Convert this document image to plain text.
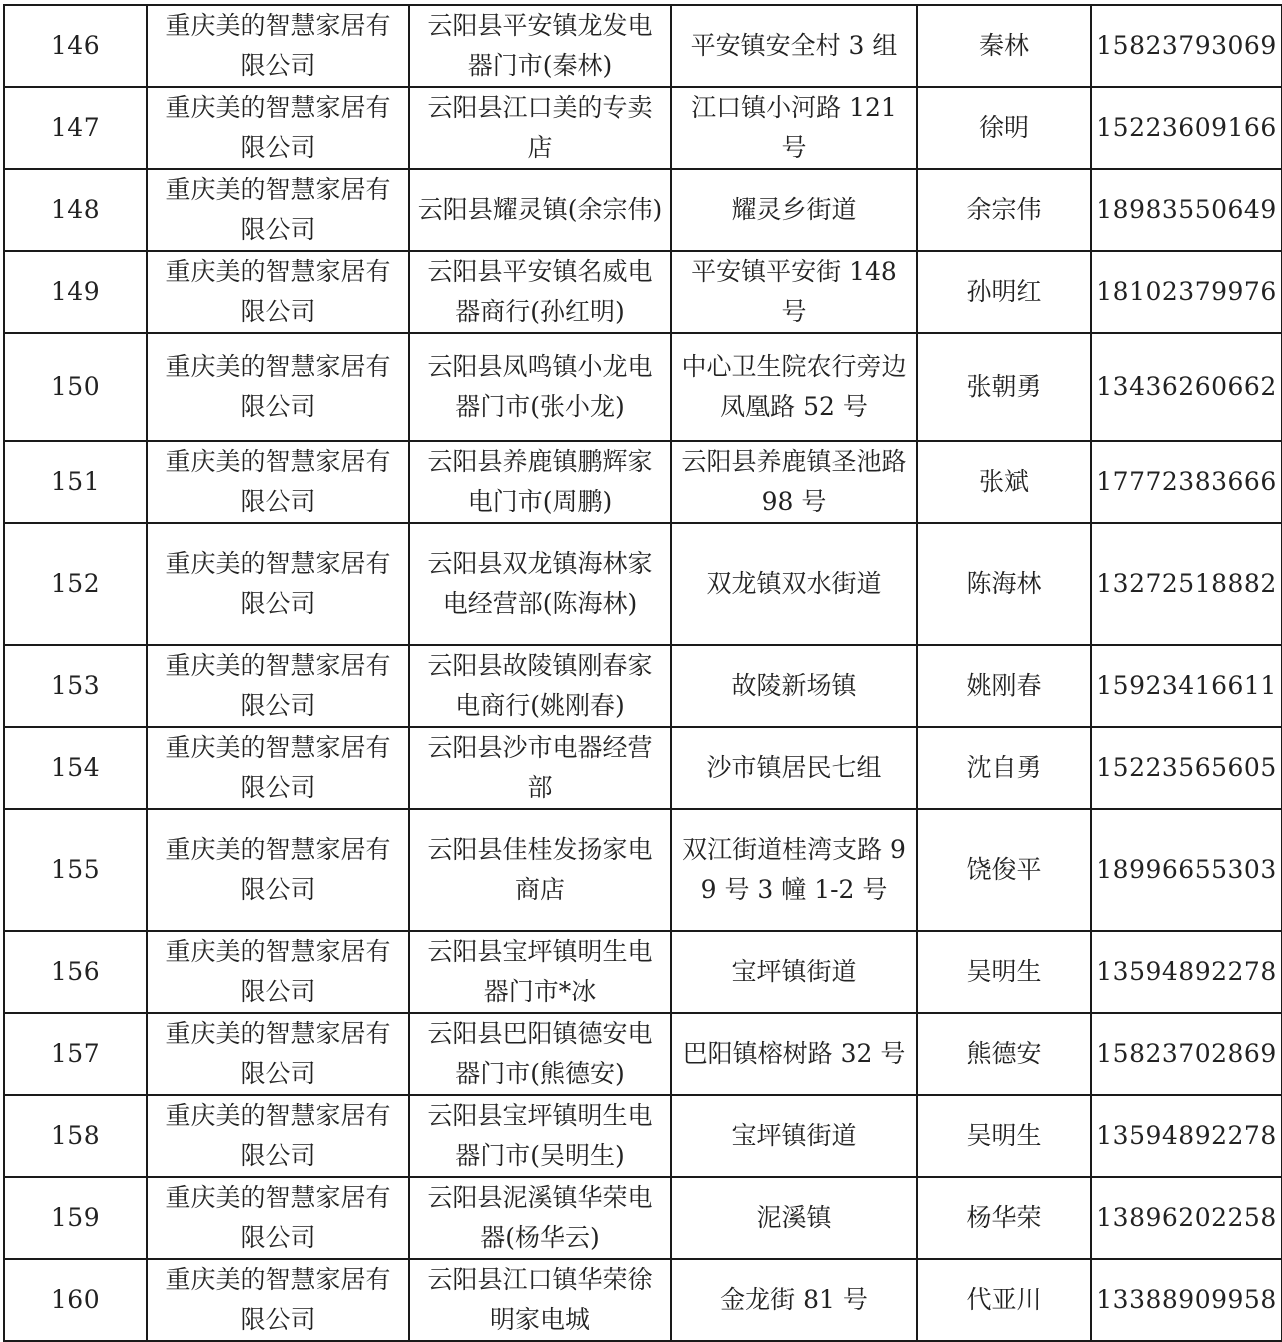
146	重庆美的智慧家居有限公司	云阳县平安镇龙发电器门市(秦林)	平安镇安全村 3 组	秦林	15823793069
147	重庆美的智慧家居有限公司	云阳县江口美的专卖店	江口镇小河路 121 号	徐明	15223609166
148	重庆美的智慧家居有限公司	云阳县耀灵镇(余宗伟)	耀灵乡街道	余宗伟	18983550649
149	重庆美的智慧家居有限公司	云阳县平安镇名威电器商行(孙红明)	平安镇平安街 148 号	孙明红	18102379976
150	重庆美的智慧家居有限公司	云阳县凤鸣镇小龙电器门市(张小龙)	中心卫生院农行旁边凤凰路 52 号	张朝勇	13436260662
151	重庆美的智慧家居有限公司	云阳县养鹿镇鹏辉家电门市(周鹏)	云阳县养鹿镇圣池路 98 号	张斌	17772383666
152	重庆美的智慧家居有限公司	云阳县双龙镇海林家电经营部(陈海林)	双龙镇双水街道	陈海林	13272518882
153	重庆美的智慧家居有限公司	云阳县故陵镇刚春家电商行(姚刚春)	故陵新场镇	姚刚春	15923416611
154	重庆美的智慧家居有限公司	云阳县沙市电器经营部	沙市镇居民七组	沈自勇	15223565605
155	重庆美的智慧家居有限公司	云阳县佳桂发扬家电商店	双江街道桂湾支路 99 号 3 幢 1-2 号	饶俊平	18996655303
156	重庆美的智慧家居有限公司	云阳县宝坪镇明生电器门市*冰	宝坪镇街道	吴明生	13594892278
157	重庆美的智慧家居有限公司	云阳县巴阳镇德安电器门市(熊德安)	巴阳镇榕树路 32 号	熊德安	15823702869
158	重庆美的智慧家居有限公司	云阳县宝坪镇明生电器门市(吴明生)	宝坪镇街道	吴明生	13594892278
159	重庆美的智慧家居有限公司	云阳县泥溪镇华荣电器(杨华云)	泥溪镇	杨华荣	13896202258
160	重庆美的智慧家居有限公司	云阳县江口镇华荣徐明家电城	金龙街 81 号	代亚川	13388909958
